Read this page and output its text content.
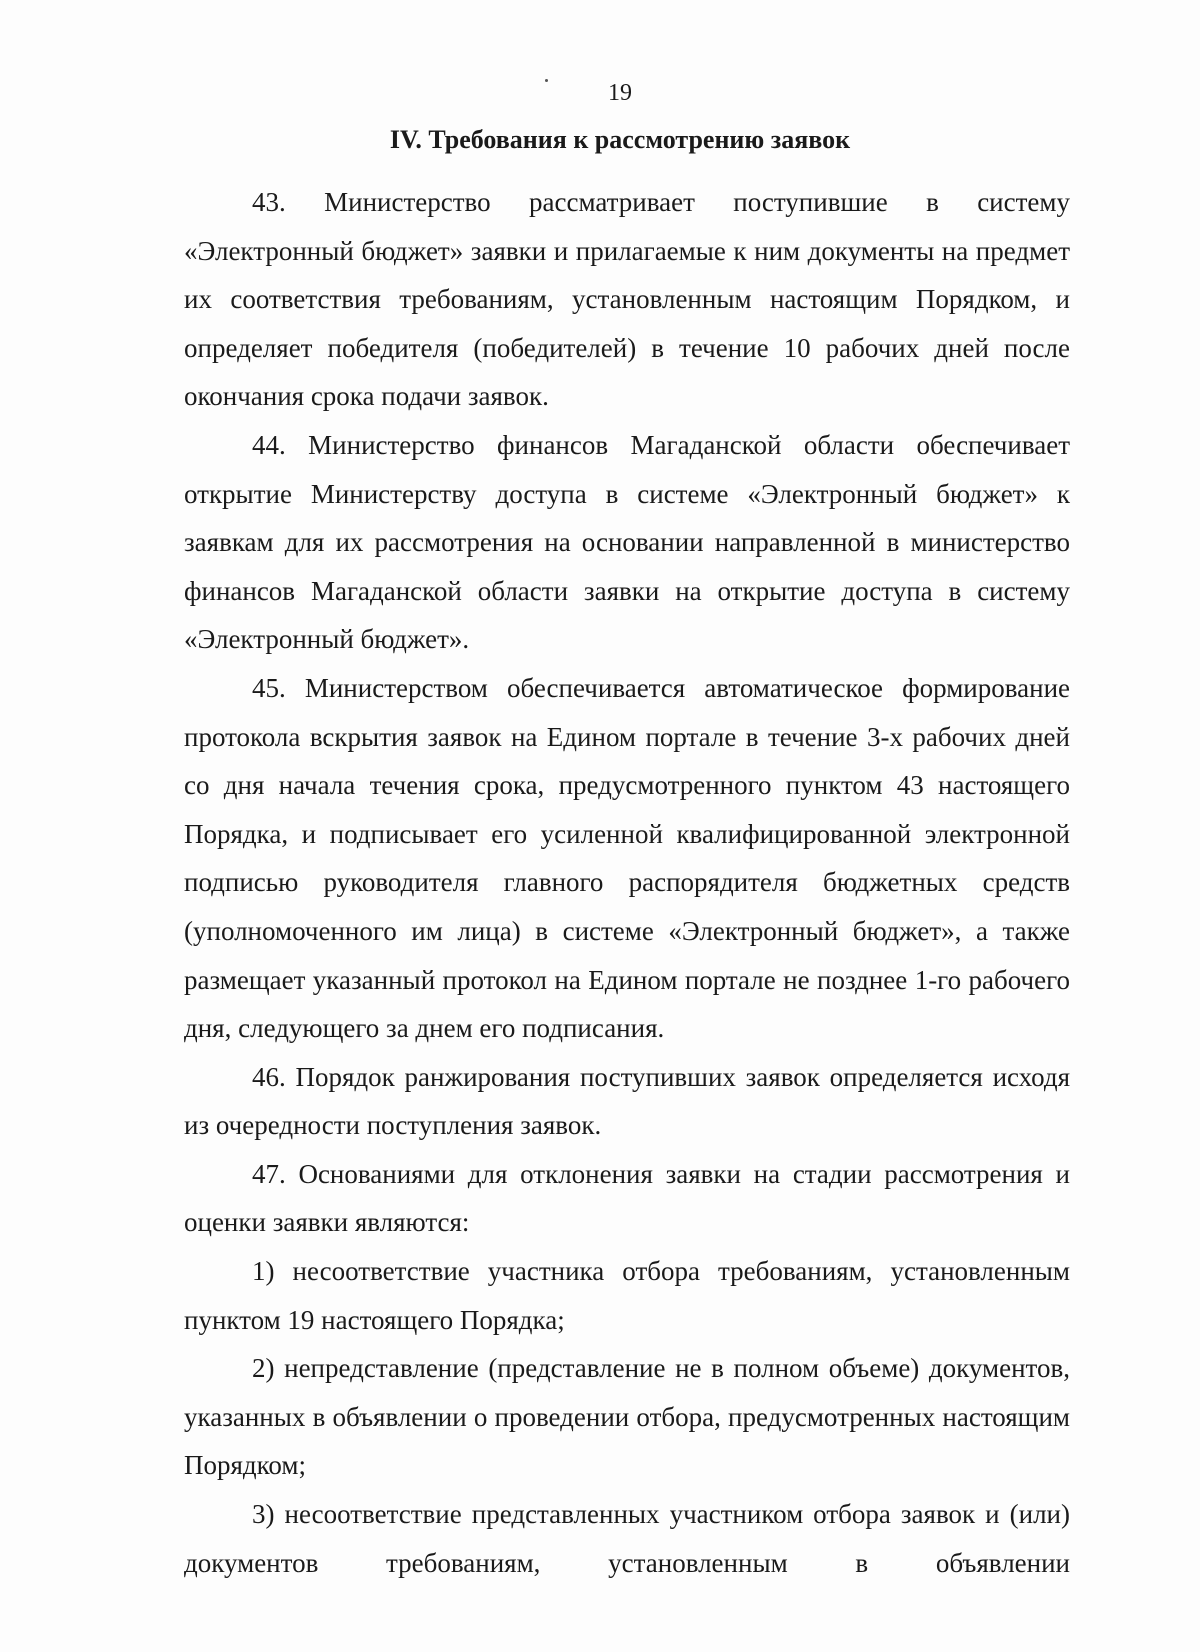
19
IV. Требования к рассмотрению заявок

43. Министерство рассматривает поступившие в систему «Электронный бюджет» заявки и прилагаемые к ним документы на предмет их соответствия требованиям, установленным настоящим Порядком, и определяет победителя (победителей) в течение 10 рабочих дней после окончания срока подачи заявок.

44. Министерство финансов Магаданской области обеспечивает открытие Министерству доступа в системе «Электронный бюджет» к заявкам для их рассмотрения на основании направленной в министерство финансов Магаданской области заявки на открытие доступа в систему «Электронный бюджет».

45. Министерством обеспечивается автоматическое формирование протокола вскрытия заявок на Едином портале в течение 3-х рабочих дней со дня начала течения срока, предусмотренного пунктом 43 настоящего Порядка, и подписывает его усиленной квалифицированной электронной подписью руководителя главного распорядителя бюджетных средств (уполномоченного им лица) в системе «Электронный бюджет», а также размещает указанный протокол на Едином портале не позднее 1-го рабочего дня, следующего за днем его подписания.

46. Порядок ранжирования поступивших заявок определяется исходя из очередности поступления заявок.

47. Основаниями для отклонения заявки на стадии рассмотрения и оценки заявки являются:

1) несоответствие участника отбора требованиям, установленным пунктом 19 настоящего Порядка;

2) непредставление (представление не в полном объеме) документов, указанных в объявлении о проведении отбора, предусмотренных настоящим Порядком;

3) несоответствие представленных участником отбора заявок и (или) документов требованиям, установленным в объявлении
